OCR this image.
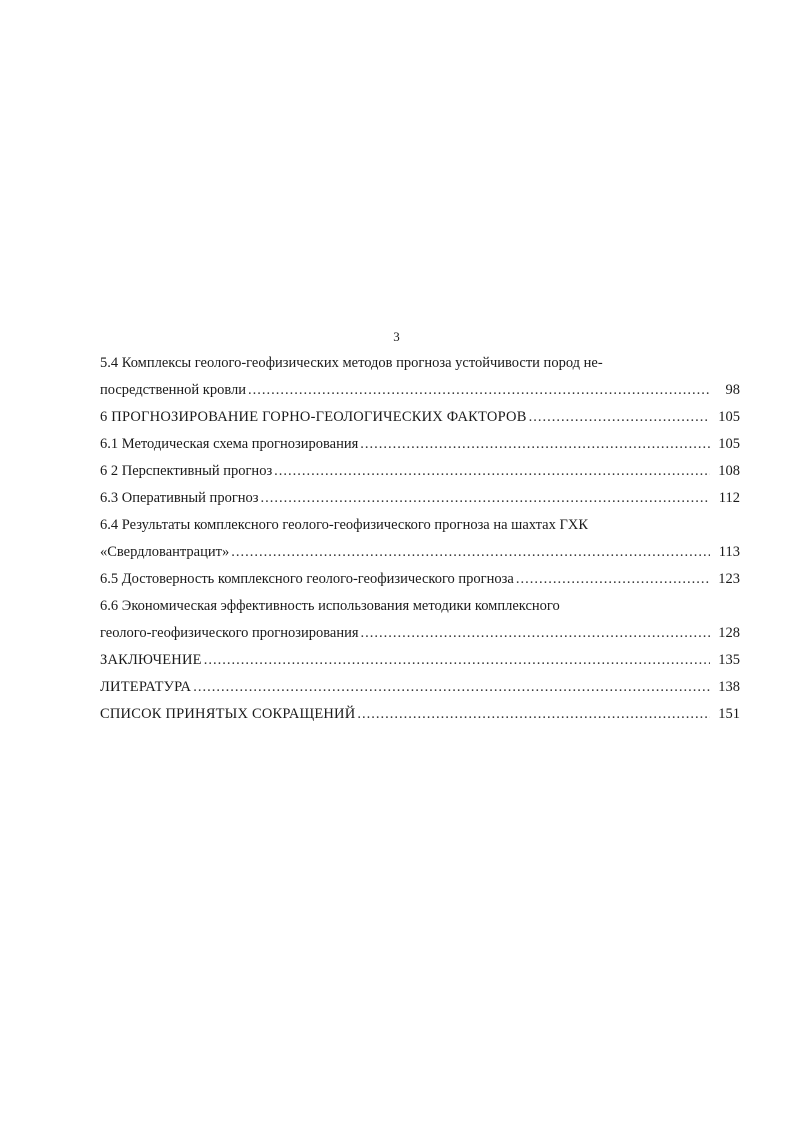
3
5.4 Комплексы геолого-геофизических методов прогноза устойчивости пород не-
посредственной кровли .....	98
6 ПРОГНОЗИРОВАНИЕ ГОРНО-ГЕОЛОГИЧЕСКИХ ФАКТОРОВ .....	105
6.1 Методическая схема прогнозирования .....	105
6 2 Перспективный прогноз .....	108
6.3 Оперативный прогноз .....	112
6.4 Результаты комплексного геолого-геофизического прогноза на шахтах ГХК
«Свердловантрацит» .....	113
6.5 Достоверность комплексного геолого-геофизического прогноза .....	123
6.6 Экономическая эффективность использования методики комплексного
геолого-геофизического прогнозирования .....	128
ЗАКЛЮЧЕНИЕ .....	135
ЛИТЕРАТУРА .....	138
СПИСОК ПРИНЯТЫХ СОКРАЩЕНИЙ .....	151
